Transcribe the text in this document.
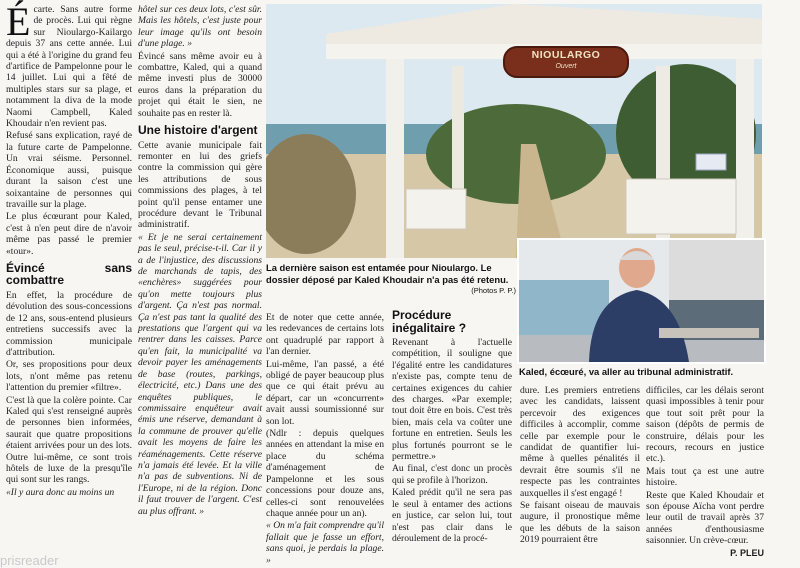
Écarte. Sans autre forme de procès. Lui qui règne sur Nioulargo-Kailargo depuis 37 ans cette année. Lui qui a été à l'origine du grand feu d'artifice de Pampelonne pour le 14 juillet. Lui qui a fêté de multiples stars sur sa plage, et notamment la diva de la mode Naomi Campbell, Kaled Khoudair n'en revient pas.

Refusé sans explication, rayé de la future carte de Pampelonne. Un vrai séisme. Personnel. Économique aussi, puisque durant la saison c'est une soixantaine de personnes qui travaille sur la plage.

Le plus écœurant pour Kaled, c'est à n'en peut dire de n'avoir même pas passé le premier «tour».

Évincé sans combattre

En effet, la procédure de dévolution des sous-concessions de 12 ans, sous-entend plusieurs entretiens successifs avec la commission municipale d'attribution.

Or, ses propositions pour deux lots, n'ont même pas retenu l'attention du premier «filtre».

C'est là que la colère pointe. Car Kaled qui s'est renseigné auprès de personnes bien informées, saurait que quatre propositions étaient arrivées pour un des lots. Outre lui-même, ce sont trois hôtels de luxe de la presqu'île qui sont sur les rangs.

«Il y aura donc au moins un

hôtel sur ces deux lots, c'est sûr. Mais les hôtels, c'est juste pour leur image qu'ils ont besoin d'une plage. »

Évincé sans même avoir eu à combattre, Kaled, qui a quand même investi plus de 30000 euros dans la préparation du projet qui était le sien, ne souhaite pas en rester là.

Une histoire d'argent

Cette avanie municipale fait remonter en lui des griefs contre la commission qui gère les attributions de sous commissions des plages, à tel point qu'il pense entamer une procédure devant le Tribunal administratif.

« Et je ne serai certainement pas le seul, précise-t-il. Car il y a de l'injustice, des discussions de marchands de tapis, des «enchères» suggérées pour qu'on mette toujours plus d'argent. Ça n'est pas normal. Ça n'est pas tant la qualité des prestations que l'argent qui va rentrer dans les caisses. Parce qu'en fait, la municipalité va devoir payer les aménagements de base (routes, parkings, électricité, etc.) Dans une des enquêtes publiques, le commissaire enquêteur avait émis une réserve, demandant à la commune de prouver qu'elle avait les moyens de faire les réaménagements. Cette réserve n'a jamais été levée. Et la ville n'a pas de subventions. Ni de l'Europe, ni de la région. Donc il faut trouver de l'argent. C'est au plus offrant. »

NIOULARGO
Ouvert
La dernière saison est entamée pour Nioulargo. Le dossier déposé par Kaled Khoudair n'a pas été retenu.
(Photos P. P.)
Kaled, écœuré, va aller au tribunal administratif.

Et de noter que cette année, les redevances de certains lots ont quadruplé par rapport à l'an dernier.

Lui-même, l'an passé, a été obligé de payer beaucoup plus que ce qui était prévu au départ, car un «concurrent» avait aussi soumissionné sur son lot.

(Ndlr : depuis quelques années en attendant la mise en place du schéma d'aménagement de Pampelonne et les sous concessions pour douze ans, celles-ci sont renouvelées chaque année pour un an).

« On m'a fait comprendre qu'il fallait que je fasse un effort, sans quoi, je perdais la plage. »

Procédure inégalitaire ?

Revenant à l'actuelle compétition, il souligne que l'égalité entre les candidatures n'existe pas, compte tenu de certaines exigences du cahier des charges. «Par exemple; tout doit être en bois. C'est très bien, mais cela va coûter une fortune en entretien. Seuls les plus fortunés pourront se le permettre.»

Au final, c'est donc un procès qui se profile à l'horizon.

Kaled prédit qu'il ne sera pas le seul à entamer des actions en justice, car selon lui, tout n'est pas clair dans le déroulement de la procé-

dure. Les premiers entretiens avec les candidats, laissent percevoir des exigences difficiles à accomplir, comme celle par exemple pour le candidat de quantifier lui-même à quelles pénalités il devrait être soumis s'il ne respecte pas les contraintes auxquelles il s'est engagé !

Se faisant oiseau de mauvais augure, il pronostique même que les débuts de la saison 2019 pourraient être

difficiles, car les délais seront quasi impossibles à tenir pour que tout soit prêt pour la saison (dépôts de permis de construire, délais pour les recours, recours en justice etc.).

Mais tout ça est une autre histoire.

Reste que Kaled Khoudair et son épouse Aïcha vont perdre leur outil de travail après 37 années d'enthousiasme saisonnier. Un crève-cœur.

P. PLEU

prisreader
